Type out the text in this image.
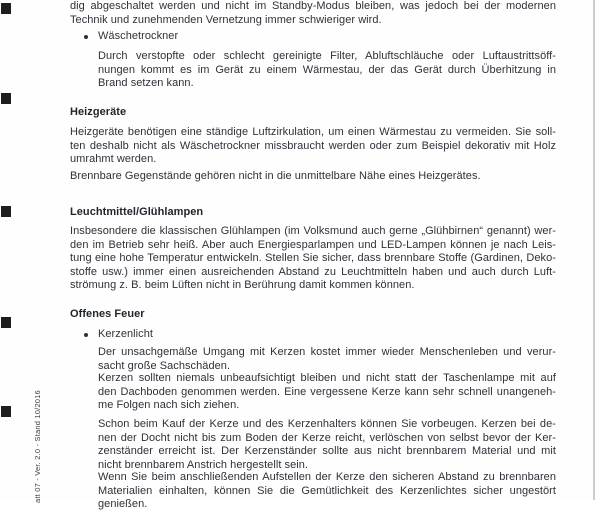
dig abgeschaltet werden und nicht im Standby-Modus bleiben, was jedoch bei der modernen
Technik und zunehmenden Vernetzung immer schwieriger wird.
Wäschetrockner
Durch verstopfte oder schlecht gereinigte Filter, Abluftschläuche oder Luftaustrittsöff-
nungen kommt es im Gerät zu einem Wärmestau, der das Gerät durch Überhitzung in
Brand setzen kann.
Heizgeräte
Heizgeräte benötigen eine ständige Luftzirkulation, um einen Wärmestau zu vermeiden. Sie soll-
ten deshalb nicht als Wäschetrockner missbraucht werden oder zum Beispiel dekorativ mit Holz
umrahmt werden.
Brennbare Gegenstände gehören nicht in die unmittelbare Nähe eines Heizgerätes.
Leuchtmittel/Glühlampen
Insbesondere die klassischen Glühlampen (im Volksmund auch gerne „Glühbirnen“ genannt) wer-
den im Betrieb sehr heiß. Aber auch Energiesparlampen und LED-Lampen können je nach Leis-
tung eine hohe Temperatur entwickeln. Stellen Sie sicher, dass brennbare Stoffe (Gardinen, Deko-
stoffe usw.) immer einen ausreichenden Abstand zu Leuchtmitteln haben und auch durch Luft-
strömung z. B. beim Lüften nicht in Berührung damit kommen können.
Offenes Feuer
Kerzenlicht
Der unsachgemäße Umgang mit Kerzen kostet immer wieder Menschenleben und verur-
sacht große Sachschäden.
Kerzen sollten niemals unbeaufsichtigt bleiben und nicht statt der Taschenlampe mit auf
den Dachboden genommen werden. Eine vergessene Kerze kann sehr schnell unangeneh-
me Folgen nach sich ziehen.
Schon beim Kauf der Kerze und des Kerzenhalters können Sie vorbeugen. Kerzen bei de-
nen der Docht nicht bis zum Boden der Kerze reicht, verlöschen von selbst bevor der Ker-
zenständer erreicht ist. Der Kerzenständer sollte aus nicht brennbarem Material und mit
nicht brennbarem Anstrich hergestellt sein.
Wenn Sie beim anschließenden Aufstellen der Kerze den sicheren Abstand zu brennbaren
Materialien einhalten, können Sie die Gemütlichkeit des Kerzenlichtes sicher ungestört
genießen.
att 07 - Ver. 2.0 - Stand 10/2016
